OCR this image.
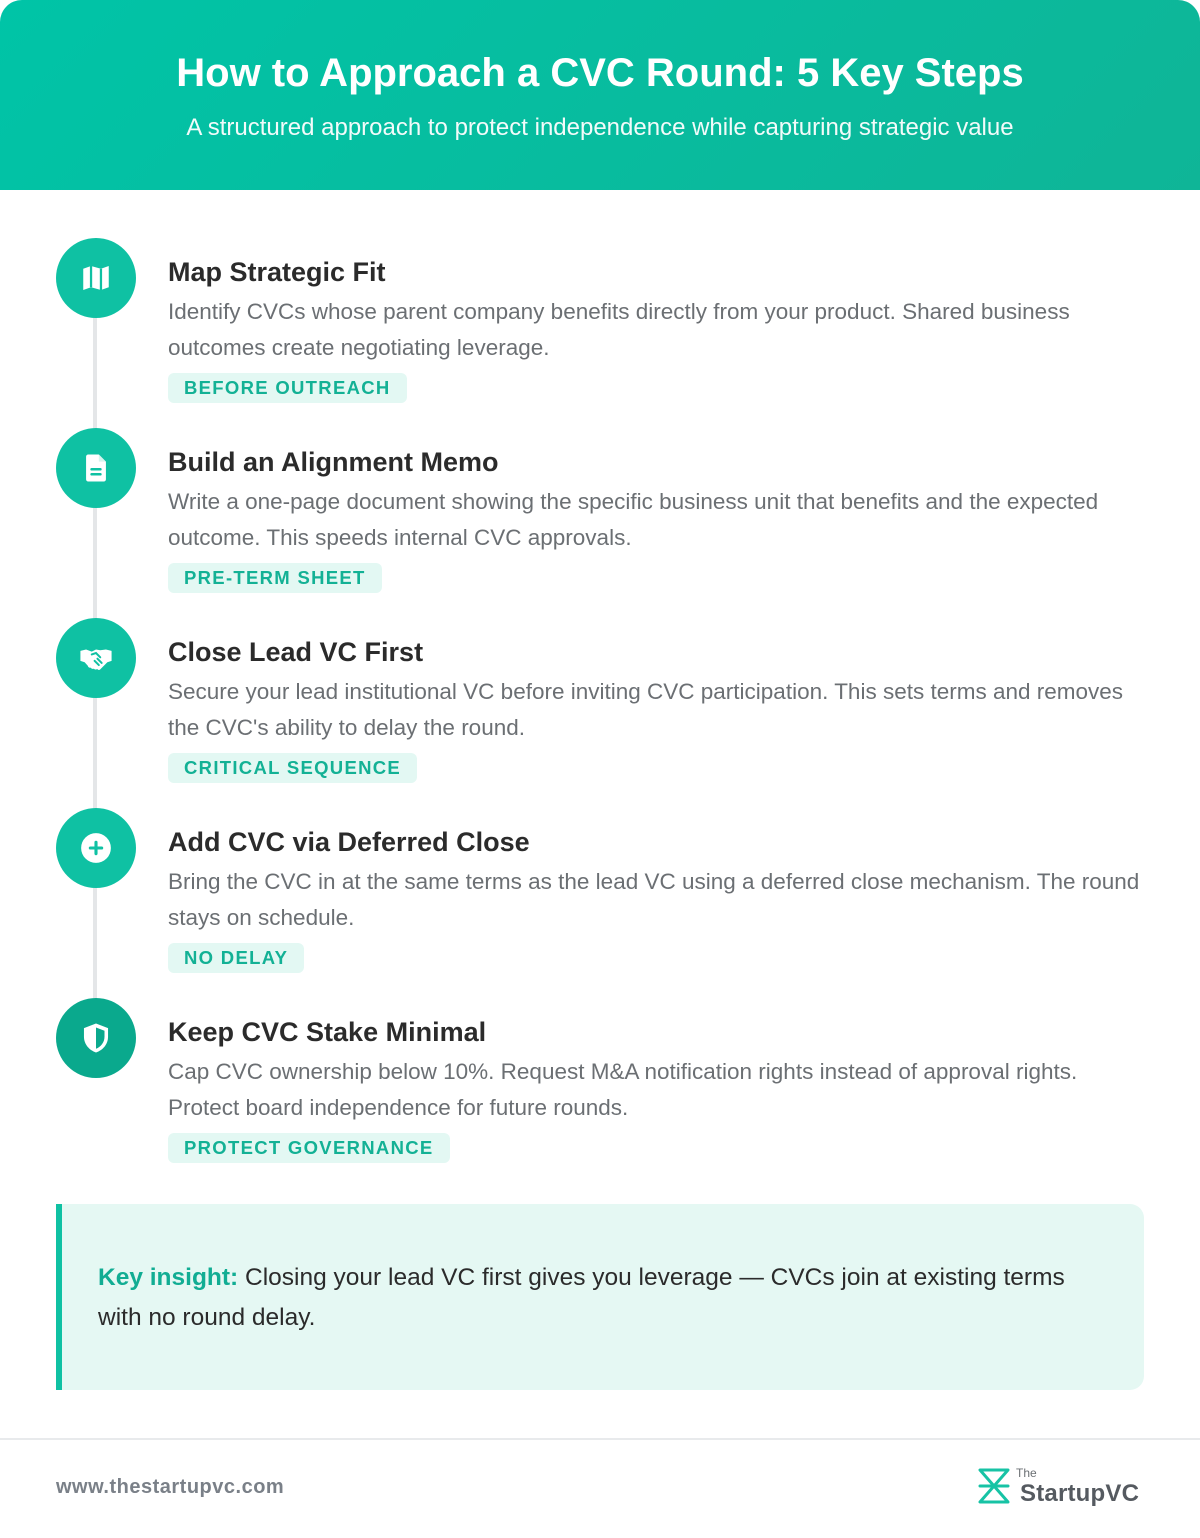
How to Approach a CVC Round: 5 Key Steps

A structured approach to protect independence while capturing strategic value

Map Strategic Fit
Identify CVCs whose parent company benefits directly from your product. Shared business outcomes create negotiating leverage.
BEFORE OUTREACH
Build an Alignment Memo
Write a one-page document showing the specific business unit that benefits and the expected outcome. This speeds internal CVC approvals.
PRE-TERM SHEET
Close Lead VC First
Secure your lead institutional VC before inviting CVC participation. This sets terms and removes the CVC's ability to delay the round.
CRITICAL SEQUENCE
Add CVC via Deferred Close
Bring the CVC in at the same terms as the lead VC using a deferred close mechanism. The round stays on schedule.
NO DELAY
Keep CVC Stake Minimal
Cap CVC ownership below 10%. Request M&A notification rights instead of approval rights. Protect board independence for future rounds.
PROTECT GOVERNANCE
Key insight: Closing your lead VC first gives you leverage — CVCs join at existing terms with no round delay.
www.thestartupvc.com
The
StartupVC
